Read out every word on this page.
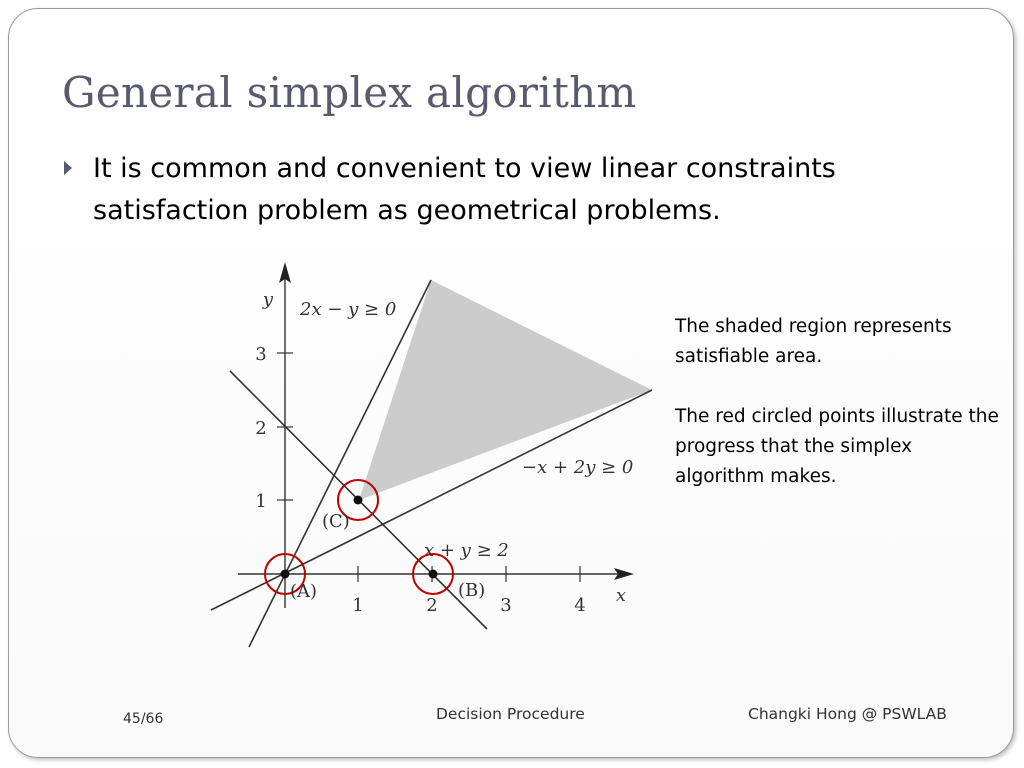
General simplex algorithm
It is common and convenient to view linear constraints satisfaction problem as geometrical problems.
1	2	3	4
1
2
3
x
y 2x − y ≥ 0
−x + 2y ≥ 0
x + y ≥ 2
(A)	(B)
(C)

The shaded region represents satisfiable area.

The red circled points illustrate the progress that the simplex algorithm makes.

45/66	Decision Procedure	Changki Hong @ PSWLAB
